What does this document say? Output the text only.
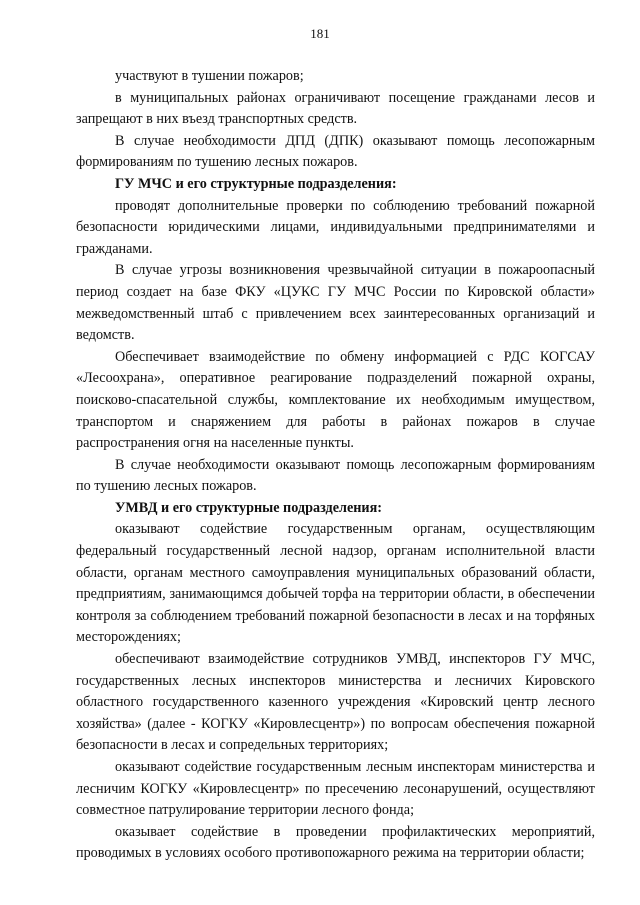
181

участвуют в тушении пожаров;

в муниципальных районах ограничивают посещение гражданами лесов и запрещают в них въезд транспортных средств.

В случае необходимости ДПД (ДПК) оказывают помощь лесопожарным формированиям по тушению лесных пожаров.

ГУ МЧС и его структурные подразделения:

проводят дополнительные проверки по соблюдению требований пожарной безопасности юридическими лицами, индивидуальными предпринимателями и гражданами.

В случае угрозы возникновения чрезвычайной ситуации в пожароопасный период создает на базе ФКУ «ЦУКС ГУ МЧС России по Кировской области» межведомственный штаб с привлечением всех заинтересованных организаций и ведомств.

Обеспечивает взаимодействие по обмену информацией с РДС КОГСАУ «Лесоохрана», оперативное реагирование подразделений пожарной охраны, поисково-спасательной службы, комплектование их необходимым имуществом, транспортом и снаряжением для работы в районах пожаров в случае распространения огня на населенные пункты.

В случае необходимости оказывают помощь лесопожарным формированиям по тушению лесных пожаров.

УМВД и его структурные подразделения:

оказывают содействие государственным органам, осуществляющим федеральный государственный лесной надзор, органам исполнительной власти области, органам местного самоуправления муниципальных образований области, предприятиям, занимающимся добычей торфа на территории области, в обеспечении контроля за соблюдением требований пожарной безопасности в лесах и на торфяных месторождениях;

обеспечивают взаимодействие сотрудников УМВД, инспекторов ГУ МЧС, государственных лесных инспекторов министерства и лесничих Кировского областного государственного казенного учреждения «Кировский центр лесного хозяйства» (далее - КОГКУ «Кировлесцентр») по вопросам обеспечения пожарной безопасности в лесах и сопредельных территориях;

оказывают содействие государственным лесным инспекторам министерства и лесничим КОГКУ «Кировлесцентр» по пресечению лесонарушений, осуществляют совместное патрулирование территории лесного фонда;

оказывает содействие в проведении профилактических мероприятий, проводимых в условиях особого противопожарного режима на территории области;
